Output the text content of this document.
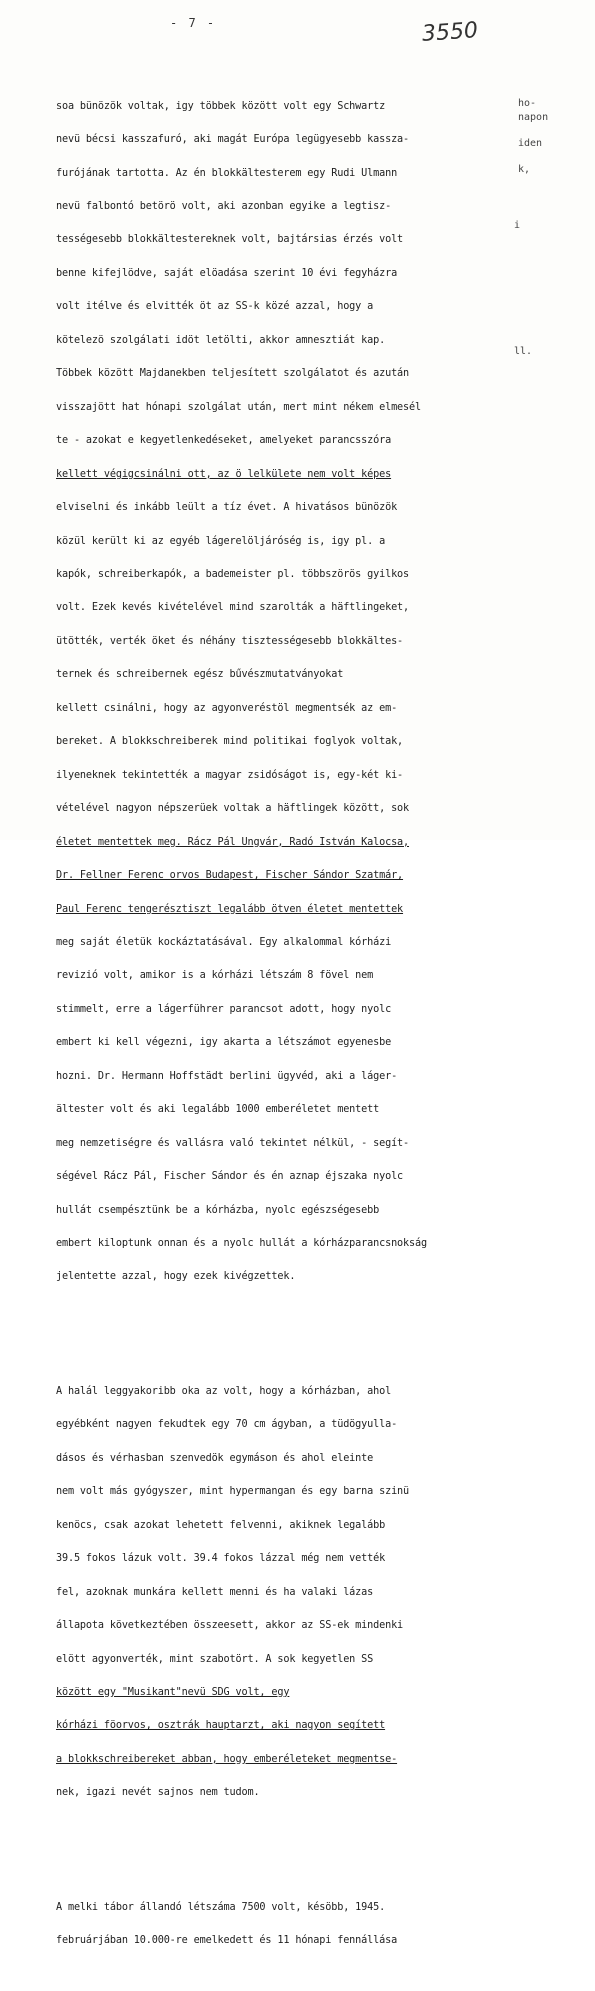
- 7 -	3550

soa bünözök voltak, igy többek között volt egy Schwartz

nevü bécsi kasszafuró, aki magát Európa legügyesebb kassza-

furójának tartotta. Az én blokkältesterem egy Rudi Ulmann

nevü falbontó betörö volt, aki azonban egyike a legtisz-

tességesebb blokkältestereknek volt, bajtársias érzés volt

benne kifejlödve, saját elöadása szerint 10 évi fegyházra

volt itélve és elvitték öt az SS-k közé azzal, hogy a

kötelezö szolgálati idöt letölti, akkor amnesztiát kap.

Többek között Majdanekben teljesített szolgálatot és azután

visszajött hat hónapi szolgálat után, mert mint nékem elmesél

te - azokat e kegyetlenkedéseket, amelyeket parancsszóra

kellett végigcsinálni ott, az ö lelkülete nem volt képes

elviselni és inkább leült a tíz évet. A hivatásos bünözök

közül került ki az egyéb lágerelöljáróség is, igy pl. a

kapók, schreiberkapók, a bademeister pl. többszörös gyilkos

volt. Ezek kevés kivételével mind szarolták a häftlingeket,

ütötték, verték öket és néhány tisztességesebb blokkältes-

ternek és schreibernek egész bűvészmutatványokat

kellett csinálni, hogy az agyonveréstöl megmentsék az em-

bereket. A blokkschreiberek mind politikai foglyok voltak,

ilyeneknek tekintették a magyar zsidóságot is, egy-két ki-

vételével nagyon népszerüek voltak a häftlingek között, sok

életet mentettek meg. Rácz Pál Ungvár, Radó István Kalocsa,

Dr. Fellner Ferenc orvos Budapest, Fischer Sándor Szatmár,

Paul Ferenc tengerésztiszt legalább ötven életet mentettek

meg saját életük kockáztatásával. Egy alkalommal kórházi

revizió volt, amikor is a kórházi létszám 8 fövel nem

stimmelt, erre a lágerführer parancsot adott, hogy nyolc

embert ki kell végezni, igy akarta a létszámot egyenesbe

hozni. Dr. Hermann Hoffstädt berlini ügyvéd, aki a láger-

ältester volt és aki legalább 1000 emberéletet mentett

meg nemzetiségre és vallásra való tekintet nélkül, - segít-

ségével Rácz Pál, Fischer Sándor és én aznap éjszaka nyolc

hullát csempésztünk be a kórházba, nyolc egészségesebb

embert kiloptunk onnan és a nyolc hullát a kórházparancsnokság

jelentette azzal, hogy ezek kivégzettek.

A halál leggyakoribb oka az volt, hogy a kórházban, ahol

egyébként nagyen fekudtek egy 70 cm ágyban, a tüdögyulla-

dásos és vérhasban szenvedök egymáson és ahol eleinte

nem volt más gyógyszer, mint hypermangan és egy barna szinü

kenöcs, csak azokat lehetett felvenni, akiknek legalább

39.5 fokos lázuk volt. 39.4 fokos lázzal még nem vették

fel, azoknak munkára kellett menni és ha valaki lázas

állapota következtében összeesett, akkor az SS-ek mindenki

elött agyonverték, mint szabotört. A sok kegyetlen SS

között egy "Musikant"nevü SDG volt, egy

kórházi föorvos, osztrák hauptarzt, aki nagyon segített

a blokkschreibereket abban, hogy emberéleteket megmentse-

nek, igazi nevét sajnos nem tudom.

A melki tábor állandó létszáma 7500 volt, késöbb, 1945.

februárjában 10.000-re emelkedett és 11 hónapi fennállása

ho-
napon
iden
k,
i
ll.
